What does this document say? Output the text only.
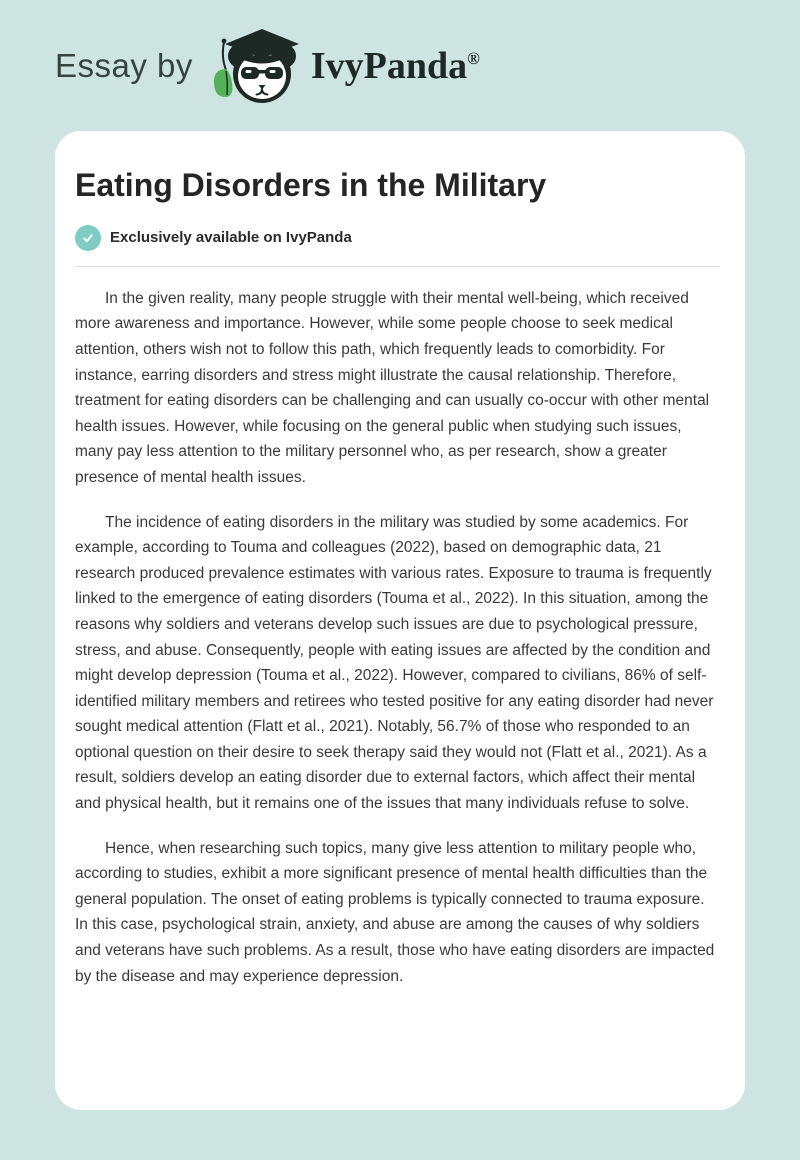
Essay by	IvyPanda®
Eating Disorders in the Military
Exclusively available on IvyPanda

In the given reality, many people struggle with their mental well-being, which received more awareness and importance. However, while some people choose to seek medical attention, others wish not to follow this path, which frequently leads to comorbidity. For instance, earring disorders and stress might illustrate the causal relationship. Therefore, treatment for eating disorders can be challenging and can usually co-occur with other mental health issues. However, while focusing on the general public when studying such issues, many pay less attention to the military personnel who, as per research, show a greater presence of mental health issues.

The incidence of eating disorders in the military was studied by some academics. For example, according to Touma and colleagues (2022), based on demographic data, 21 research produced prevalence estimates with various rates. Exposure to trauma is frequently linked to the emergence of eating disorders (Touma et al., 2022). In this situation, among the reasons why soldiers and veterans develop such issues are due to psychological pressure, stress, and abuse. Consequently, people with eating issues are affected by the condition and might develop depression (Touma et al., 2022). However, compared to civilians, 86% of self-identified military members and retirees who tested positive for any eating disorder had never sought medical attention (Flatt et al., 2021). Notably, 56.7% of those who responded to an optional question on their desire to seek therapy said they would not (Flatt et al., 2021). As a result, soldiers develop an eating disorder due to external factors, which affect their mental and physical health, but it remains one of the issues that many individuals refuse to solve.

Hence, when researching such topics, many give less attention to military people who, according to studies, exhibit a more significant presence of mental health difficulties than the general population. The onset of eating problems is typically connected to trauma exposure. In this case, psychological strain, anxiety, and abuse are among the causes of why soldiers and veterans have such problems. As a result, those who have eating disorders are impacted by the disease and may experience depression.
